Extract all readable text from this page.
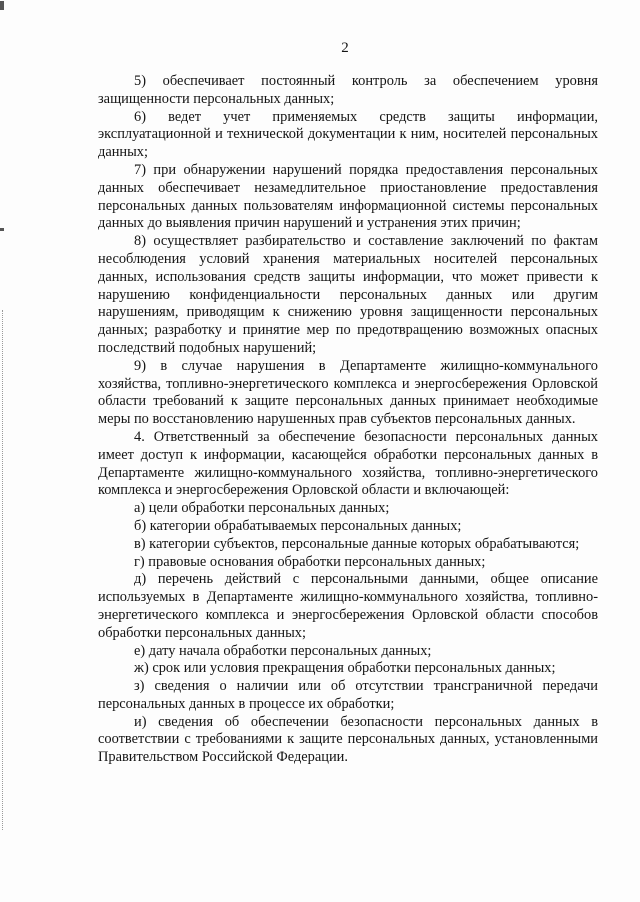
2

5) обеспечивает постоянный контроль за обеспечением уровня защищенности персональных данных;

6) ведет учет применяемых средств защиты информации, эксплуатационной и технической документации к ним, носителей персональных данных;

7) при обнаружении нарушений порядка предоставления персональных данных обеспечивает незамедлительное приостановление предоставления персональных данных пользователям информационной системы персональных данных до выявления причин нарушений и устранения этих причин;

8) осуществляет разбирательство и составление заключений по фактам несоблюдения условий хранения материальных носителей персональных данных, использования средств защиты информации, что может привести к нарушению конфиденциальности персональных данных или другим нарушениям, приводящим к снижению уровня защищенности персональных данных; разработку и принятие мер по предотвращению возможных опасных последствий подобных нарушений;

9) в случае нарушения в Департаменте жилищно-коммунального хозяйства, топливно-энергетического комплекса и энергосбережения Орловской области требований к защите персональных данных принимает необходимые меры по восстановлению нарушенных прав субъектов персональных данных.

4. Ответственный за обеспечение безопасности персональных данных имеет доступ к информации, касающейся обработки персональных данных в Департаменте жилищно-коммунального хозяйства, топливно-энергетического комплекса и энергосбережения Орловской области и включающей:

а) цели обработки персональных данных;

б) категории обрабатываемых персональных данных;

в) категории субъектов, персональные данные которых обрабатываются;

г) правовые основания обработки персональных данных;

д) перечень действий с персональными данными, общее описание используемых в Департаменте жилищно-коммунального хозяйства, топливно-энергетического комплекса и энергосбережения Орловской области способов обработки персональных данных;

е) дату начала обработки персональных данных;

ж) срок или условия прекращения обработки персональных данных;

з) сведения о наличии или об отсутствии трансграничной передачи персональных данных в процессе их обработки;

и) сведения об обеспечении безопасности персональных данных в соответствии с требованиями к защите персональных данных, установленными Правительством Российской Федерации.
